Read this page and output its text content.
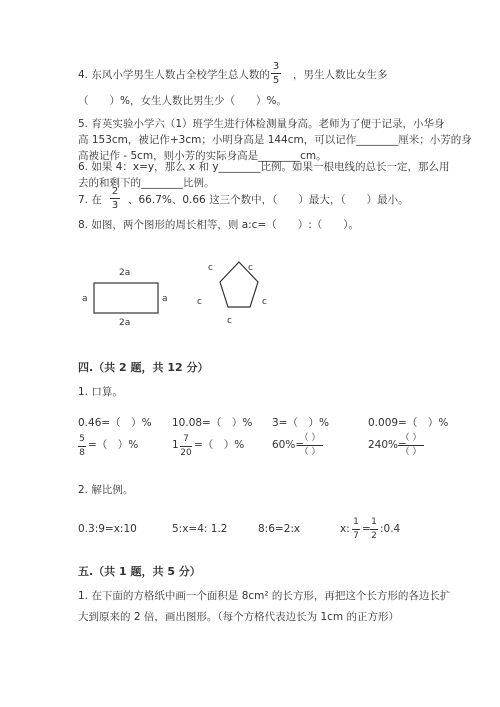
4. 东风小学男生人数占全校学生总人数的
3
5 ，男生人数比女生多
（　　）%，女生人数比男生少（　　）%。
5. 育英实验小学六（1）班学生进行体检测量身高。老师为了便于记录，小华身
高 153cm，被记作+3cm；小明身高是 144cm，可以记作________厘米；小芳的身
高被记作 - 5cm，则小芳的实际身高是________cm。
6. 如果 4：x=y，那么 x 和 y________比例。如果一根电线的总长一定，那么用
去的和剩下的________比例。
7. 在
2
3 、66.7%、0.66 这三个数中，（　　）最大，（　　）最小。
8. 如图，两个图形的周长相等，则 a:c=（　　）:（　　）。
2a
2a
a	a
c	c
c	c
c
四.（共 2 题，共 12 分）
1. 口算。
0.46=（　）% 10.08=（　）% 3=（　）%	0.009=（　）%
5
8
=（　）%	1 7
20
=（　）%	60%=
（ ）
（ ）
240%=
（ ）
（ ）
2. 解比例。
0.3:9=x:10	5:x=4: 1.2	8:6=2:x	x:
1
7
=
1
2
:0.4
五.（共 1 题，共 5 分）
1. 在下面的方格纸中画一个面积是 8cm² 的长方形，再把这个长方形的各边长扩
大到原来的 2 倍，画出图形。（每个方格代表边长为 1cm 的正方形）
